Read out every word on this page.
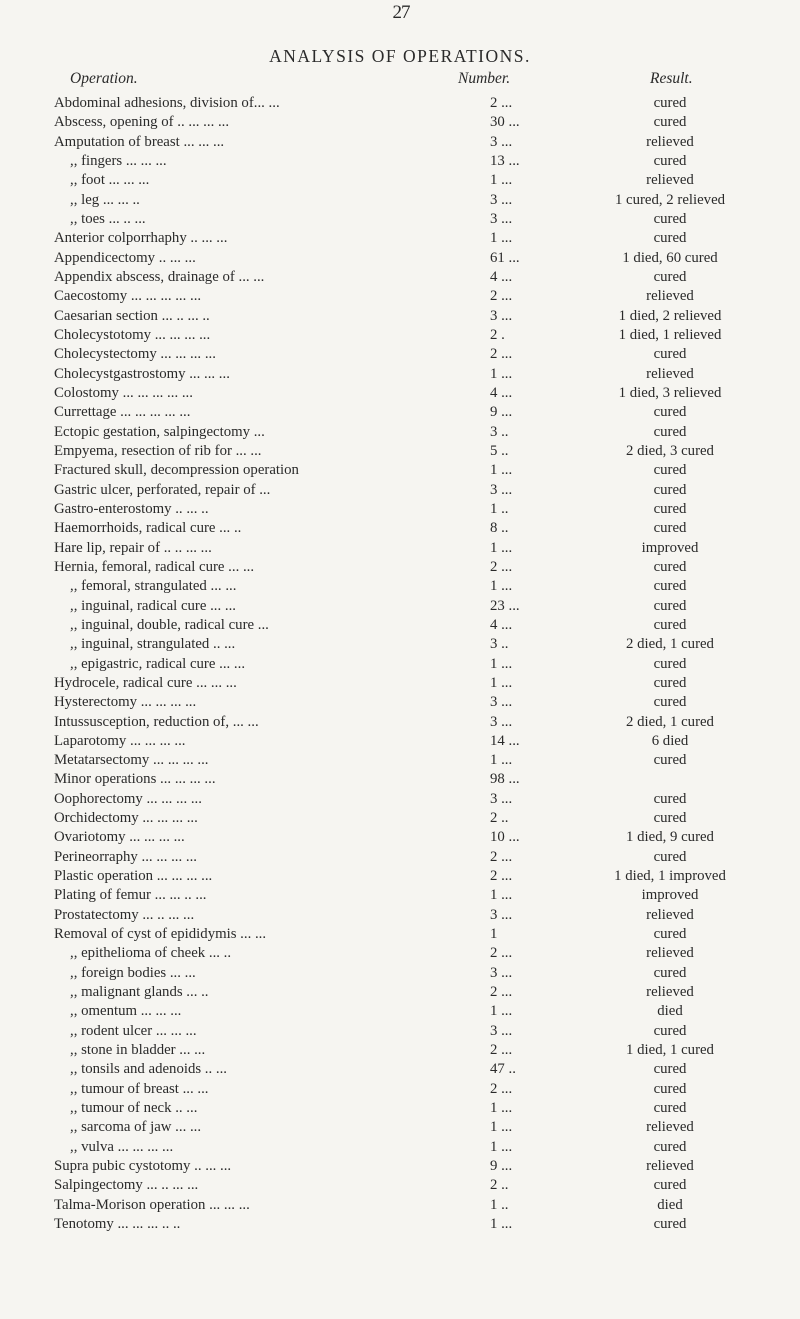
27
ANALYSIS OF OPERATIONS.
Operation.	Number.	Result.
Abdominal adhesions, division of... ...	2 ...	cured
Abscess, opening of .. ... ... ...	30 ...	cured
Amputation of breast ... ... ...	3 ...	relieved
,, fingers ... ... ...	13 ...	cured
,, foot ... ... ...	1 ...	relieved
,, leg ... ... ..	3 ...	1 cured, 2 relieved
,, toes ... .. ...	3 ...	cured
Anterior colporrhaphy .. ... ...	1 ...	cured
Appendicectomy .. ... ...	61 ...	1 died, 60 cured
Appendix abscess, drainage of ... ...	4 ...	cured
Caecostomy ... ... ... ... ...	2 ...	relieved
Caesarian section ... .. ... ..	3 ...	1 died, 2 relieved
Cholecystotomy ... ... ... ...	2 .	1 died, 1 relieved
Cholecystectomy ... ... ... ...	2 ...	cured
Cholecystgastrostomy ... ... ...	1 ...	relieved
Colostomy ... ... ... ... ...	4 ...	1 died, 3 relieved
Currettage ... ... ... ... ...	9 ...	cured
Ectopic gestation, salpingectomy ...	3 ..	cured
Empyema, resection of rib for ... ...	5 ..	2 died, 3 cured
Fractured skull, decompression operation	1 ...	cured
Gastric ulcer, perforated, repair of ...	3 ...	cured
Gastro-enterostomy .. ... ..	1 ..	cured
Haemorrhoids, radical cure ... ..	8 ..	cured
Hare lip, repair of .. .. ... ...	1 ...	improved
Hernia, femoral, radical cure ... ...	2 ...	cured
,, femoral, strangulated ... ...	1 ...	cured
,, inguinal, radical cure ... ...	23 ...	cured
,, inguinal, double, radical cure ...	4 ...	cured
,, inguinal, strangulated .. ...	3 ..	2 died, 1 cured
,, epigastric, radical cure ... ...	1 ...	cured
Hydrocele, radical cure ... ... ...	1 ...	cured
Hysterectomy ... ... ... ...	3 ...	cured
Intussusception, reduction of, ... ...	3 ...	2 died, 1 cured
Laparotomy ... ... ... ...	14 ...	6 died
Metatarsectomy ... ... ... ...	1 ...	cured
Minor operations ... ... ... ...	98 ...
Oophorectomy ... ... ... ...	3 ...	cured
Orchidectomy ... ... ... ...	2 ..	cured
Ovariotomy ... ... ... ...	10 ...	1 died, 9 cured
Perineorraphy ... ... ... ...	2 ...	cured
Plastic operation ... ... ... ...	2 ...	1 died, 1 improved
Plating of femur ... ... .. ...	1 ...	improved
Prostatectomy ... .. ... ...	3 ...	relieved
Removal of cyst of epididymis ... ...	1	cured
,, epithelioma of cheek ... ..	2 ...	relieved
,, foreign bodies ... ...	3 ...	cured
,, malignant glands ... ..	2 ...	relieved
,, omentum ... ... ...	1 ...	died
,, rodent ulcer ... ... ...	3 ...	cured
,, stone in bladder ... ...	2 ...	1 died, 1 cured
,, tonsils and adenoids .. ...	47 ..	cured
,, tumour of breast ... ...	2 ...	cured
,, tumour of neck .. ...	1 ...	cured
,, sarcoma of jaw ... ...	1 ...	relieved
,, vulva ... ... ... ...	1 ...	cured
Supra pubic cystotomy .. ... ...	9 ...	relieved
Salpingectomy ... .. ... ...	2 ..	cured
Talma-Morison operation ... ... ...	1 ..	died
Tenotomy ... ... ... .. ..	1 ...	cured
